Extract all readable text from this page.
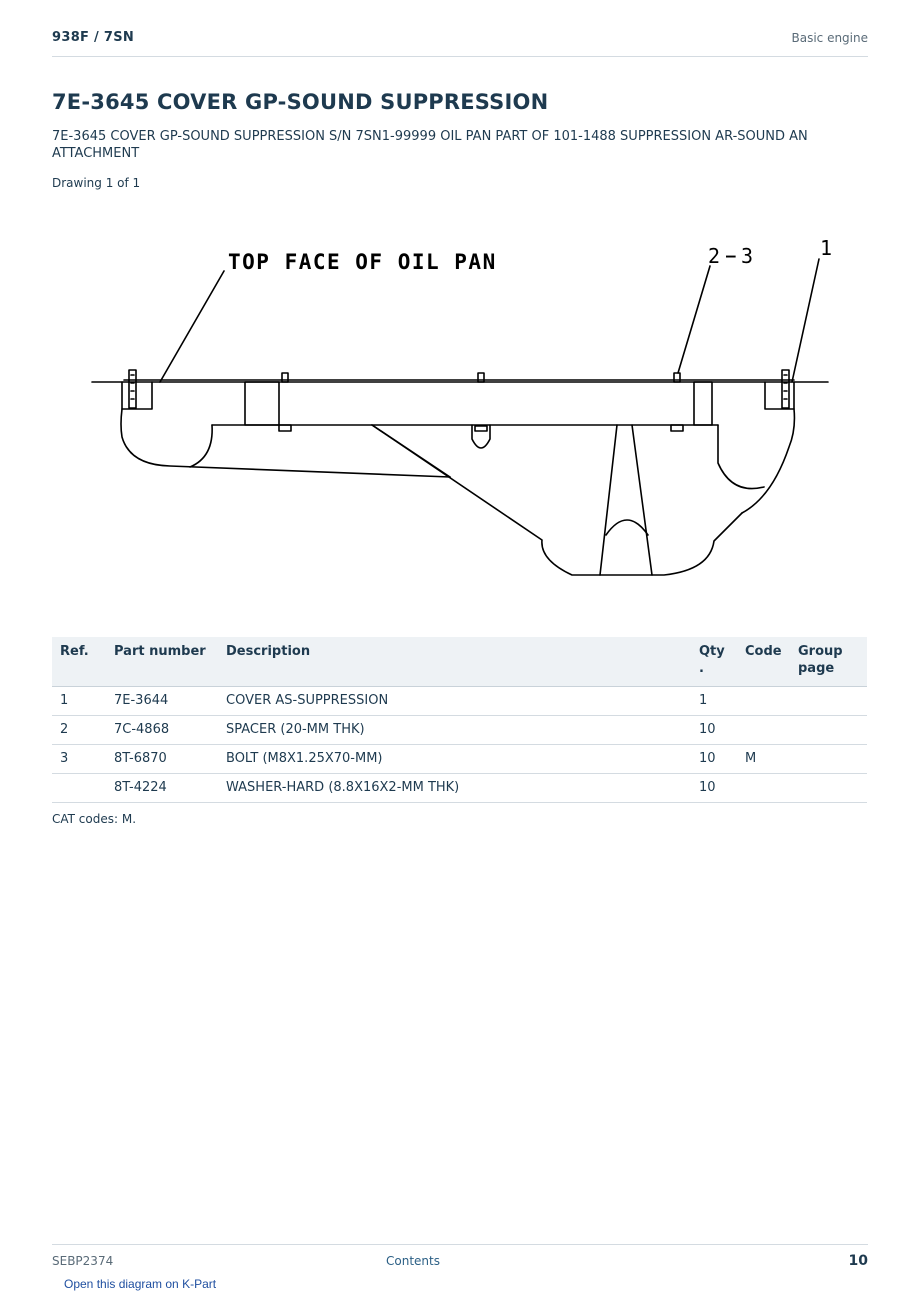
938F / 7SN	Basic engine
7E-3645 COVER GP-SOUND SUPPRESSION

7E-3645 COVER GP-SOUND SUPPRESSION S/N 7SN1-99999 OIL PAN PART OF 101-1488 SUPPRESSION AR-SOUND AN ATTACHMENT

Drawing 1 of 1
TOP FACE OF OIL PAN	2 — 3	1
Ref.	Part number	Description	Qty .	Code	Group page
1	7E-3644	COVER AS-SUPPRESSION	1		
2	7C-4868	SPACER (20-MM THK)	10		
3	8T-6870	BOLT (M8X1.25X70-MM)	10	M	
	8T-4224	WASHER-HARD (8.8X16X2-MM THK)	10		
CAT codes: M.
SEBP2374	Contents	10
Open this diagram on K-Part
